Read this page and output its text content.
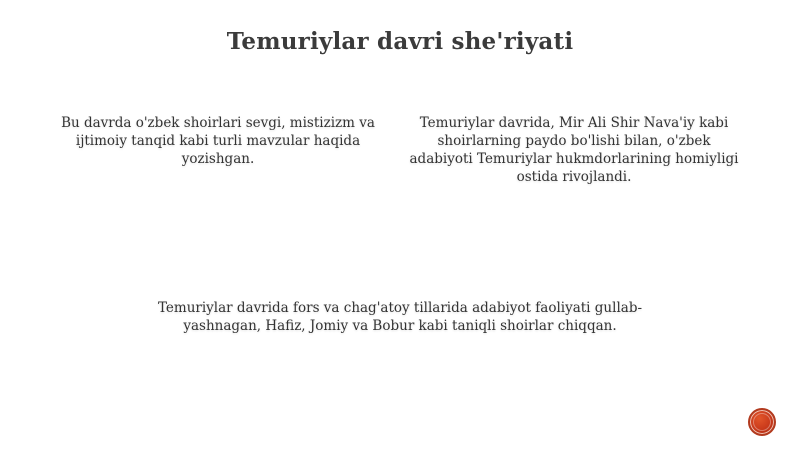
Temuriylar davri she'riyati
Bu davrda o'zbek shoirlari sevgi, mistizizm va ijtimoiy tanqid kabi turli mavzular haqida yozishgan.
Temuriylar davrida, Mir Ali Shir Nava'iy kabi shoirlarning paydo bo'lishi bilan, o'zbek adabiyoti Temuriylar hukmdorlarining homiyligi ostida rivojlandi.
Temuriylar davrida fors va chag'atoy tillarida adabiyot faoliyati gullab-yashnagan, Hafiz, Jomiy va Bobur kabi taniqli shoirlar chiqqan.
